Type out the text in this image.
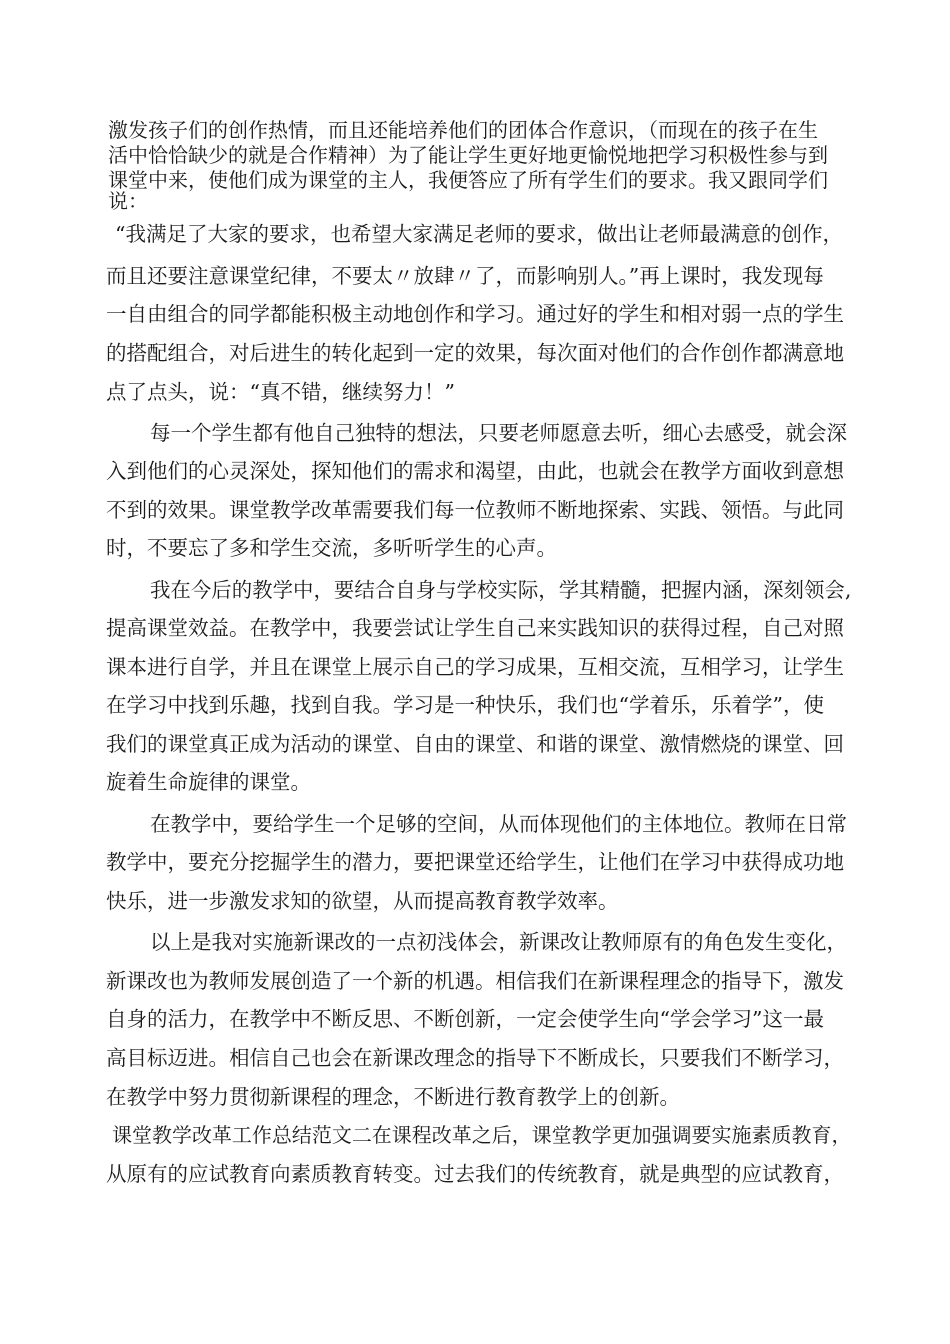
激发孩子们的创作热情，而且还能培养他们的团体合作意识，（而现在的孩子在生
活中恰恰缺少的就是合作精神）为了能让学生更好地更愉悦地把学习积极性参与到
课堂中来，使他们成为课堂的主人，我便答应了所有学生们的要求。我又跟同学们
说：
“我满足了大家的要求，也希望大家满足老师的要求，做出让老师最满意的创作，
而且还要注意课堂纪律，不要太〃放肆〃了，而影响别人。”再上课时，我发现每
一自由组合的同学都能积极主动地创作和学习。通过好的学生和相对弱一点的学生
的搭配组合，对后进生的转化起到一定的效果，每次面对他们的合作创作都满意地
点了点头，说：“真不错，继续努力！”
每一个学生都有他自己独特的想法，只要老师愿意去听，细心去感受，就会深
入到他们的心灵深处，探知他们的需求和渴望，由此，也就会在教学方面收到意想
不到的效果。课堂教学改革需要我们每一位教师不断地探索、实践、领悟。与此同
时，不要忘了多和学生交流，多听听学生的心声。
我在今后的教学中，要结合自身与学校实际，学其精髓，把握内涵，深刻领会,
提高课堂效益。在教学中，我要尝试让学生自己来实践知识的获得过程，自己对照
课本进行自学，并且在课堂上展示自己的学习成果，互相交流，互相学习，让学生
在学习中找到乐趣，找到自我。学习是一种快乐，我们也“学着乐，乐着学”，使
我们的课堂真正成为活动的课堂、自由的课堂、和谐的课堂、激情燃烧的课堂、回
旋着生命旋律的课堂。
在教学中，要给学生一个足够的空间，从而体现他们的主体地位。教师在日常
教学中，要充分挖掘学生的潜力，要把课堂还给学生，让他们在学习中获得成功地
快乐，进一步激发求知的欲望，从而提高教育教学效率。
以上是我对实施新课改的一点初浅体会，新课改让教师原有的角色发生变化，
新课改也为教师发展创造了一个新的机遇。相信我们在新课程理念的指导下，激发
自身的活力，在教学中不断反思、不断创新，一定会使学生向“学会学习”这一最
高目标迈进。相信自己也会在新课改理念的指导下不断成长，只要我们不断学习，
在教学中努力贯彻新课程的理念，不断进行教育教学上的创新。
课堂教学改革工作总结范文二在课程改革之后，课堂教学更加强调要实施素质教育，
从原有的应试教育向素质教育转变。过去我们的传统教育，就是典型的应试教育，
